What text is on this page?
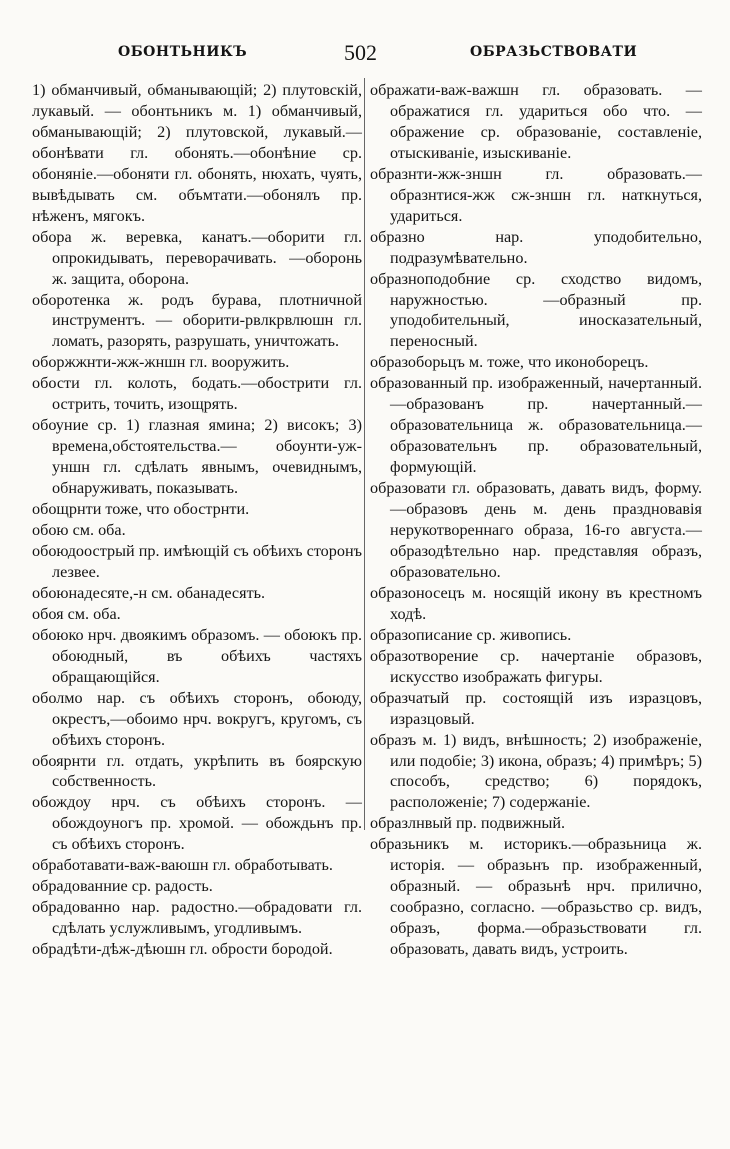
ОБОНТЬНИКЪ	502	ОБРАЗЬСТВОВАТИ

1) обманчивый, обманывающій; 2) плутовскій, лукавый. — обонтьникъ м. 1) обманчивый, обманывающій; 2) плутовской, лукавый.— обонѣвати гл. обонять.—обонѣние ср. обоняніе.—обоняти гл. обонять, нюхать, чуять, вывѣдывать см. объмтати.—обонялъ пр. нѣженъ, мягокъ.

обора ж. веревка, канатъ.—оборити гл. опрокидывать, переворачивать. —оборонь ж. защита, оборона.

оборотенка ж. родъ бурава, плотничной инструментъ. — оборити-рвлкрвлюшн гл. ломать, разорять, разрушать, уничтожать.

оборжжнти-жж-жншн гл. вооружить.

обости гл. колоть, бодать.—обострити гл. острить, точить, изощрять.

обоуние ср. 1) глазная ямина; 2) високъ; 3) времена,обстоятельства.— обоунти-уж-уншн гл. сдѣлать явнымъ, очевиднымъ, обнаруживать, показывать.

обощрнти тоже, что обострнти.

обою см. оба.

обоюдоострый пр. имѣющій съ обѣихъ сторонъ лезвее.

обоюнадесяте,-н см. обанадесять.

обоя см. оба.

обоюко нрч. двоякимъ образомъ. — обоюкъ пр. обоюдный, въ обѣихъ частяхъ обращающійся.

оболмо нар. съ обѣихъ сторонъ, обоюду, окрестъ,—обоимо нрч. вокругъ, кругомъ, съ обѣихъ сторонъ.

обоярнти гл. отдать, укрѣпить въ боярскую собственность.

обождоу нрч. съ обѣихъ сторонъ. — обождоуногъ пр. хромой. — обождьнъ пр. съ обѣихъ сторонъ.

обработавати-важ-ваюшн гл. обработывать.

обрадованние ср. радость.

обрадованно нар. радостно.—обрадовати гл. сдѣлать услужливымъ, угодливымъ.

обрадѣти-дѣж-дѣюшн гл. обрости бородой.

ображати-важ-важшн гл. образовать. —ображатися гл. удариться обо что. —ображение ср. образованіе, составленіе, отыскиваніе, изыскиваніе.

образнти-жж-зншн гл. образовать.— образнтися-жж сж-зншн гл. наткнуться, удариться.

образно нар. уподобительно, подразумѣвательно.

образноподобние ср. сходство видомъ, наружностью. —образный пр. уподобительный, иносказательный, переносный.

образоборьцъ м. тоже, что иконоборецъ.

образованный пр. изображенный, начертанный.—образованъ пр. начертанный.—образовательница ж. образовательница.—образовательнъ пр. образовательный, формующій.

образовати гл. образовать, давать видъ, форму.—образовъ день м. день праздновавія нерукотвореннаго образа, 16-го августа.—образодѣтельно нар. представляя образъ, образовательно.

образоносецъ м. носящій икону въ крестномъ ходѣ.

образописание ср. живопись.

образотворение ср. начертаніе образовъ, искусство изображать фигуры.

образчатый пр. состоящій изъ изразцовъ, изразцовый.

образъ м. 1) видъ, внѣшность; 2) изображеніе, или подобіе; 3) икона, образъ; 4) примѣръ; 5) способъ, средство; 6) порядокъ, расположеніе; 7) содержаніе.

образлнвый пр. подвижный.

образьникъ м. историкъ.—образьница ж. исторія. — образьнъ пр. изображенный, образный. — образьнѣ нрч. прилично, сообразно, согласно. —образьство ср. видъ, образъ, форма.—образьствовати гл. образовать, давать видъ, устроить.
